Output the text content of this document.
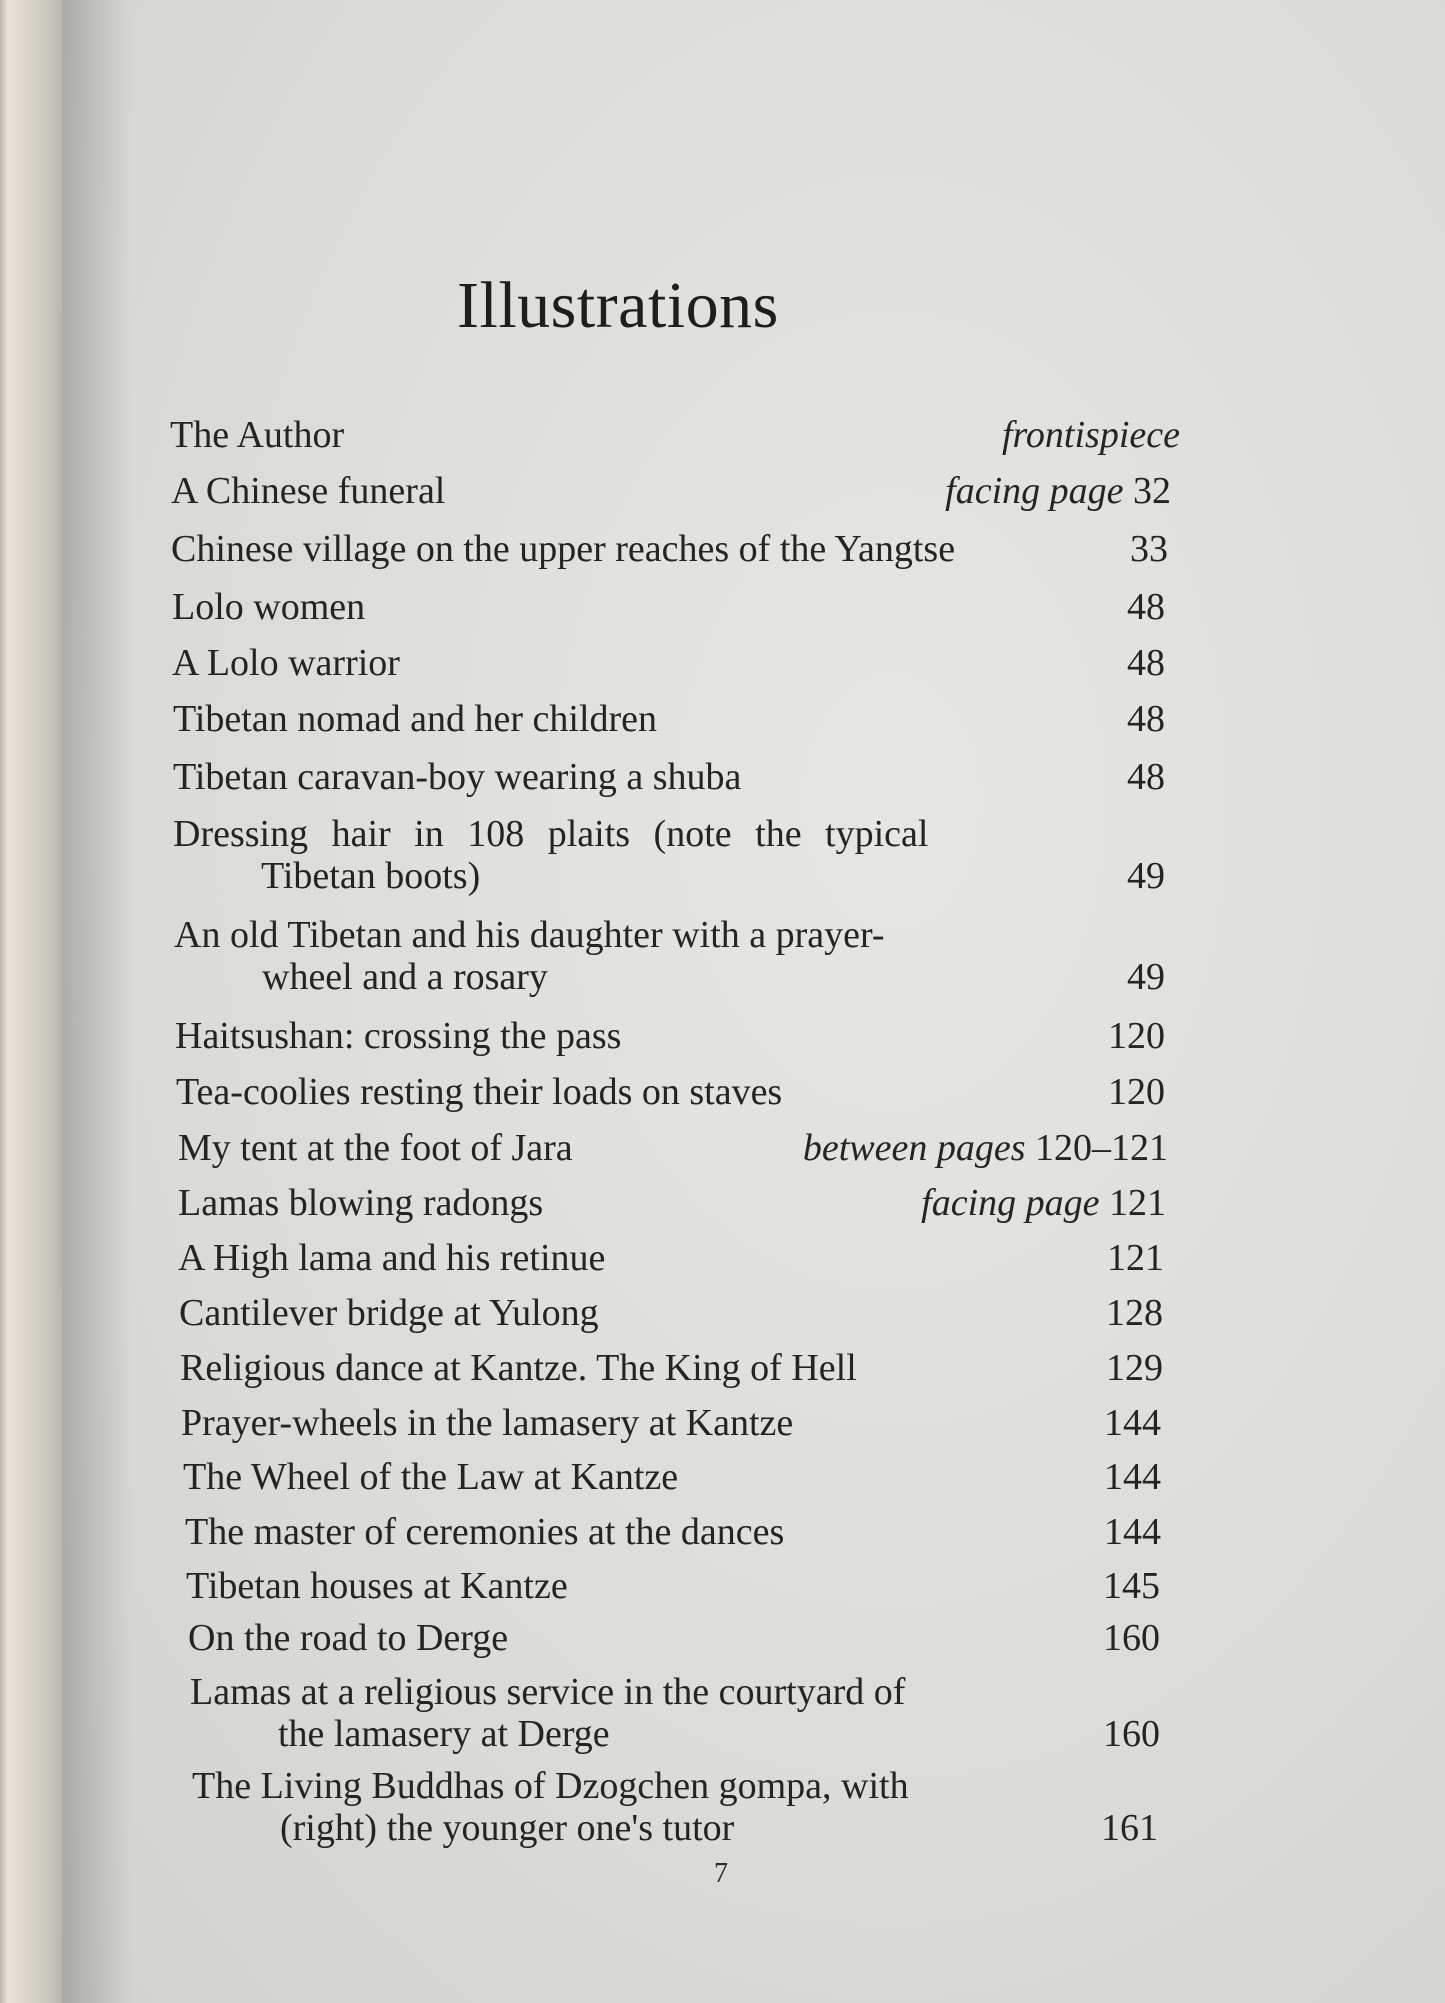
Illustrations
The Author	frontispiece
A Chinese funeral	facing page 32
Chinese village on the upper reaches of the Yangtse	33
Lolo women	48
A Lolo warrior	48
Tibetan nomad and her children	48
Tibetan caravan-boy wearing a shuba	48
Dressing hair in 108 plaits (note the typical
Tibetan boots)	49
An old Tibetan and his daughter with a prayer-
wheel and a rosary	49
Haitsushan: crossing the pass	120
Tea-coolies resting their loads on staves	120
My tent at the foot of Jara	between pages 120–121
Lamas blowing radongs	facing page 121
A High lama and his retinue	121
Cantilever bridge at Yulong	128
Religious dance at Kantze. The King of Hell	129
Prayer-wheels in the lamasery at Kantze	144
The Wheel of the Law at Kantze	144
The master of ceremonies at the dances	144
Tibetan houses at Kantze	145
On the road to Derge	160
Lamas at a religious service in the courtyard of
the lamasery at Derge	160
The Living Buddhas of Dzogchen gompa, with
(right) the younger one's tutor	161
7
